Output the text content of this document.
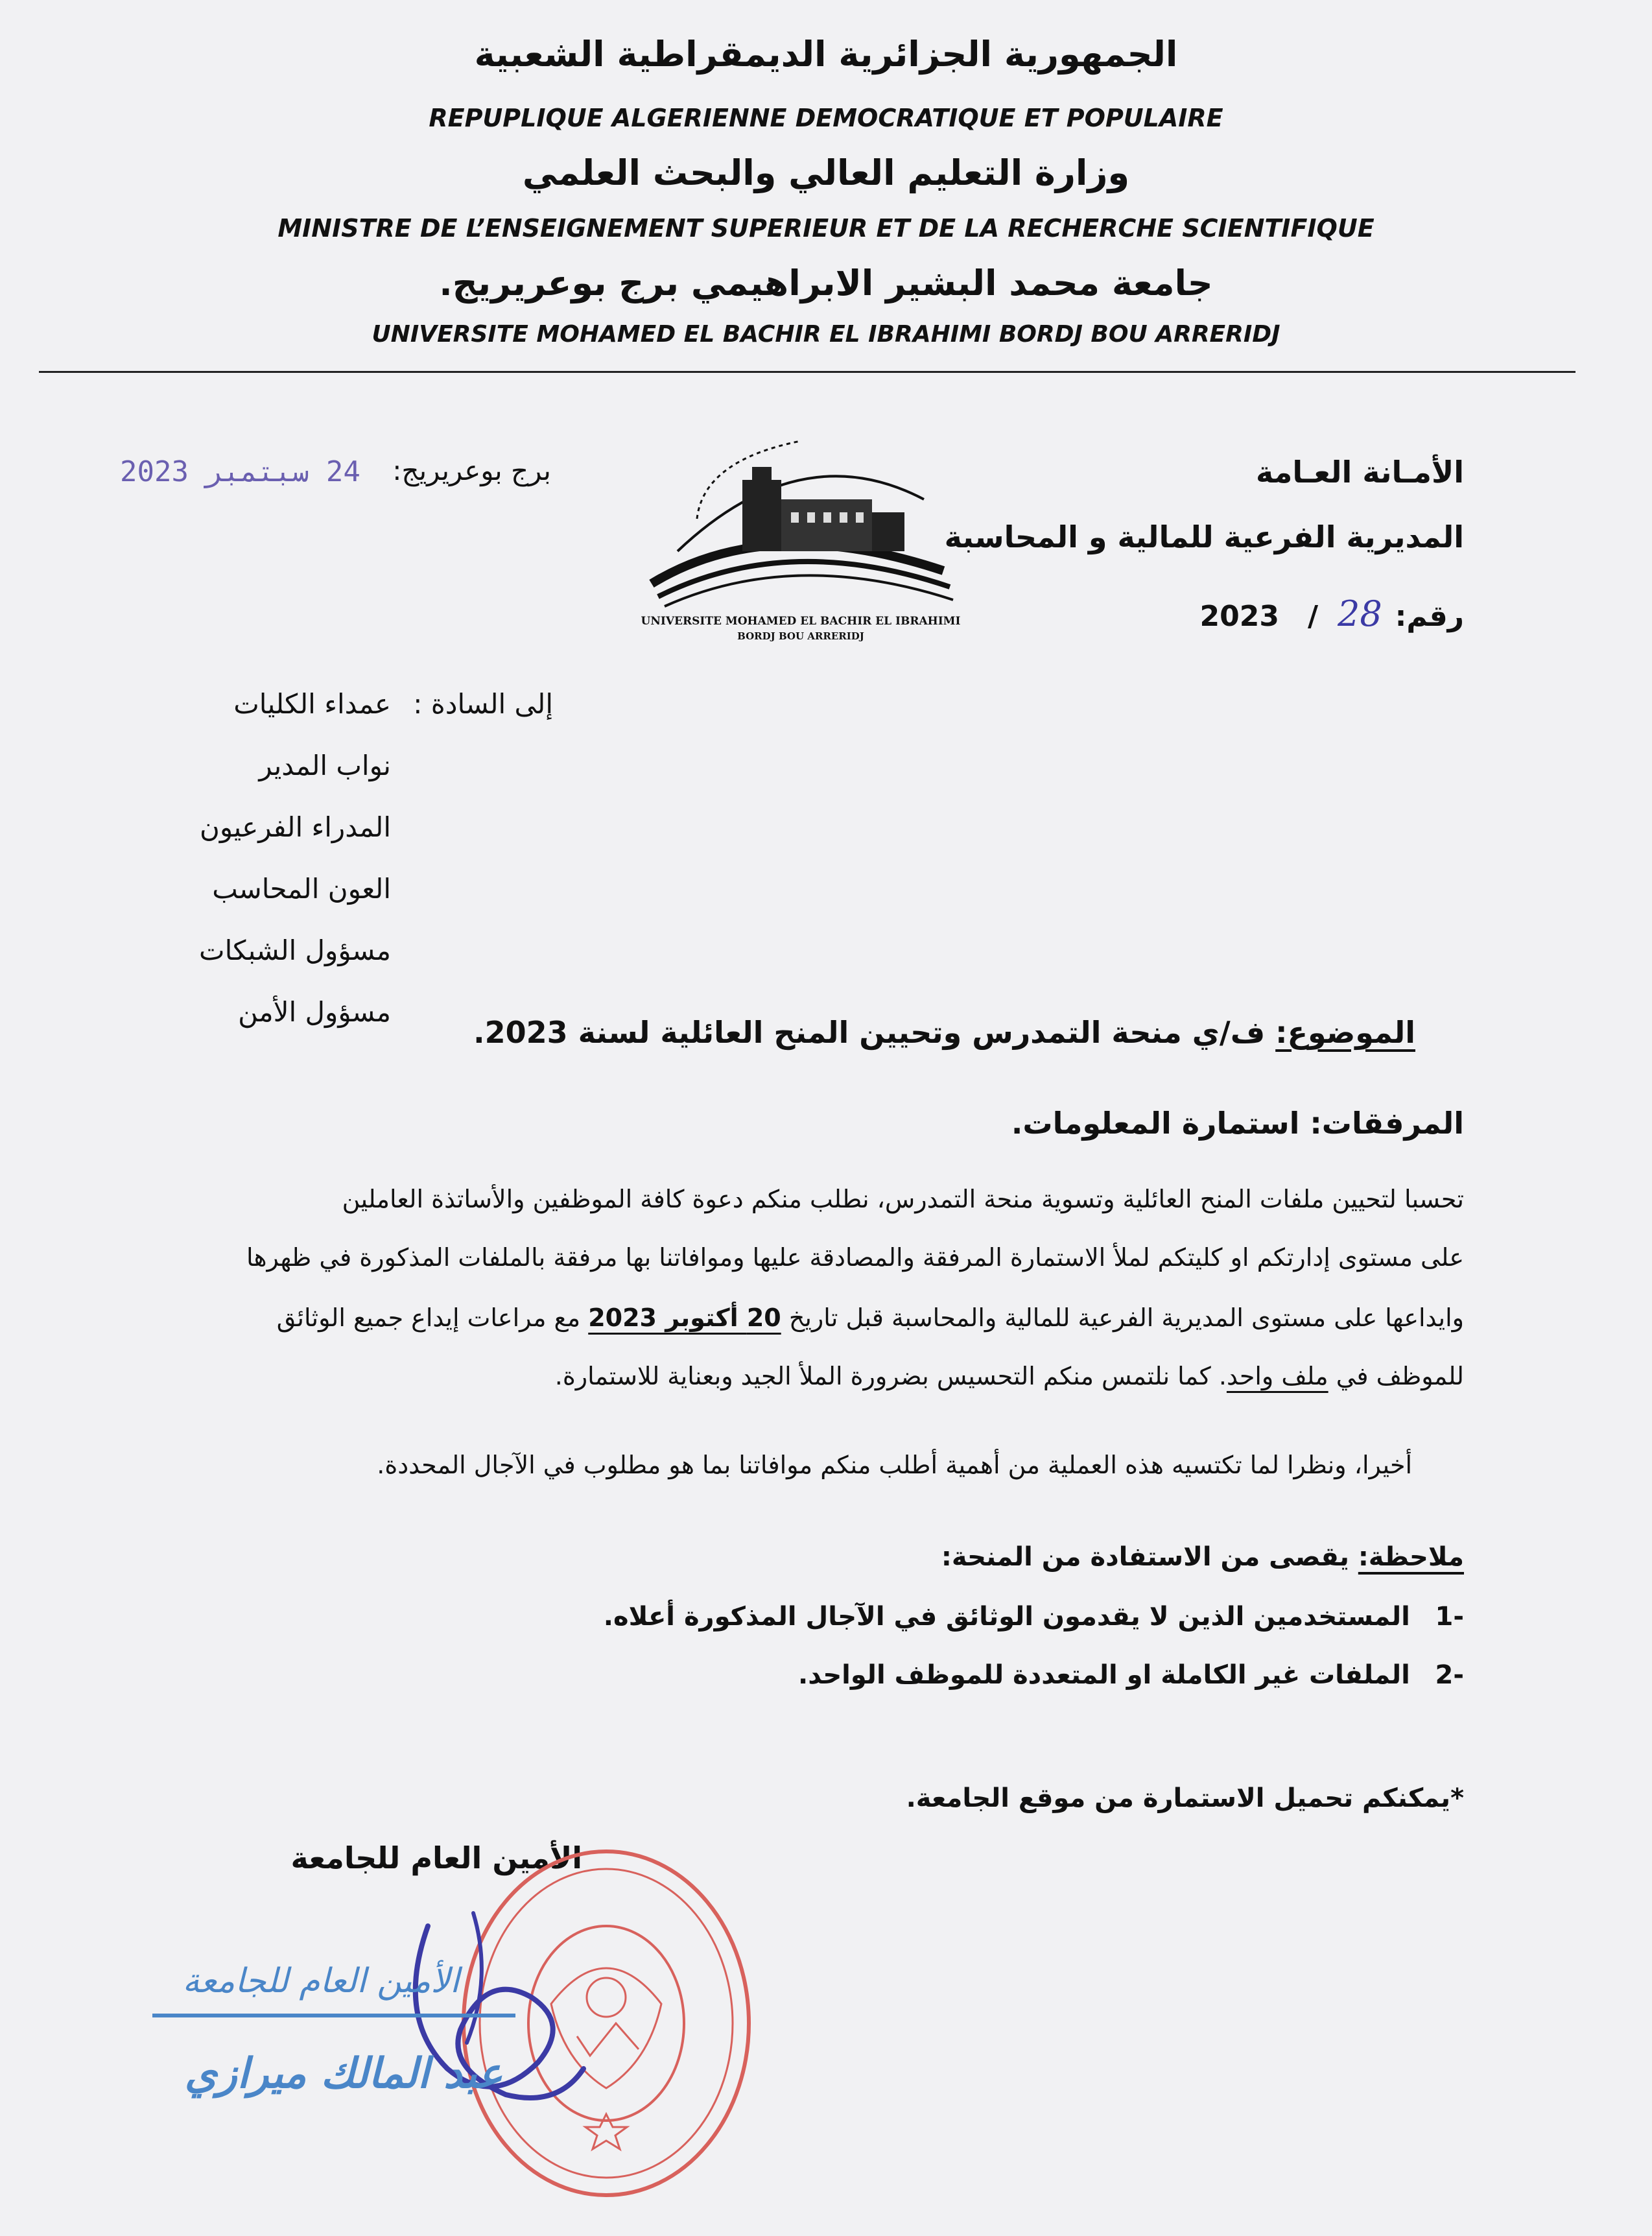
الجمهورية الجزائرية الديمقراطية الشعبية
REPUPLIQUE ALGERIENNE DEMOCRATIQUE ET POPULAIRE
وزارة التعليم العالي والبحث العلمي
MINISTRE DE L’ENSEIGNEMENT SUPERIEUR ET DE LA RECHERCHE SCIENTIFIQUE
جامعة محمد البشير الابراهيمي برج بوعريريج.
UNIVERSITE MOHAMED EL BACHIR EL IBRAHIMI BORDJ BOU ARRERIDJ
الأمـانة العـامة
المديرية الفرعية للمالية و المحاسبة
رقم: 28 / 2023
UNIVERSITE MOHAMED EL BACHIR EL IBRAHIMI
BORDJ BOU ARRERIDJ
برج بوعريريج:
2023 ‎سبتمبر‎ 24
إلى السادة :
عمداء الكليات
نواب المدير
المدراء الفرعيون
العون المحاسب
مسؤول الشبكات
مسؤول الأمن
الموضوع: ف/ي منحة التمدرس وتحيين المنح العائلية لسنة 2023.
المرفقات: استمارة المعلومات.
تحسبا لتحيين ملفات المنح العائلية وتسوية منحة التمدرس، نطلب منكم دعوة كافة الموظفين والأساتذة العاملين
على مستوى إدارتكم او كليتكم لملأ الاستمارة المرفقة والمصادقة عليها وموافاتنا بها مرفقة بالملفات المذكورة في ظهرها
وايداعها على مستوى المديرية الفرعية للمالية والمحاسبة قبل تاريخ 20 أكتوبر 2023 مع مراعات إيداع جميع الوثائق
للموظف في ملف واحد. كما نلتمس منكم التحسيس بضرورة الملأ الجيد وبعناية للاستمارة.
أخيرا، ونظرا لما تكتسيه هذه العملية من أهمية أطلب منكم موافاتنا بما هو مطلوب في الآجال المحددة.
ملاحظة: يقصى من الاستفادة من المنحة:
-1 المستخدمين الذين لا يقدمون الوثائق في الآجال المذكورة أعلاه.
-2 الملفات غير الكاملة او المتعددة للموظف الواحد.
*يمكنكم تحميل الاستمارة من موقع الجامعة.
الأمين العام للجامعة
الأمين العام للجامعة
عبد المالك ميرازي
